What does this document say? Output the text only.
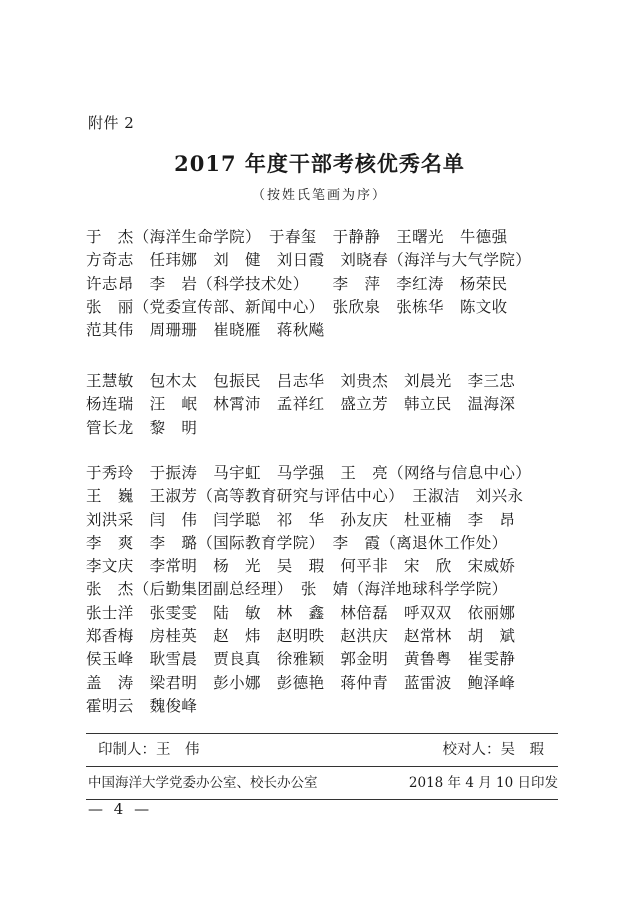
附件 2
2017 年度干部考核优秀名单
（按姓氏笔画为序）
于　杰（海洋生命学院）　于春玺　于静静　王曙光　牛德强
方奇志　任玮娜　刘　健　刘日霞　刘晓春（海洋与大气学院）
许志昂　李　岩（科学技术处）　　李　萍　李红涛　杨荣民
张　丽（党委宣传部、新闻中心）　张欣泉　张栋华　陈文收
范其伟　周珊珊　崔晓雁　蒋秋飚
王慧敏　包木太　包振民　吕志华　刘贵杰　刘晨光　李三忠
杨连瑞　汪　岷　林霄沛　孟祥红　盛立芳　韩立民　温海深
管长龙　黎　明
于秀玲　于振涛　马宇虹　马学强　王　亮（网络与信息中心）
王　巍　王淑芳（高等教育研究与评估中心）　王淑洁　刘兴永
刘洪采　闫　伟　闫学聪　祁　华　孙友庆　杜亚楠　李　昂
李　爽　李　璐（国际教育学院）　李　霞（离退休工作处）
李文庆　李常明　杨　光　吴　瑕　何平非　宋　欣　宋威娇
张　杰（后勤集团副总经理）　张　婧（海洋地球科学学院）
张士洋　张雯雯　陆　敏　林　鑫　林倍磊　呼双双　依丽娜
郑香梅　房桂英　赵　炜　赵明昳　赵洪庆　赵常林　胡　斌
侯玉峰　耿雪晨　贾良真　徐雅颖　郭金明　黄鲁粤　崔雯静
盖　涛　梁君明　彭小娜　彭德艳　蒋仲青　蓝雷波　鲍泽峰
霍明云　魏俊峰
印制人：王　伟	校对人：吴　瑕
中国海洋大学党委办公室、校长办公室	2018 年 4 月 10 日印发
— 4 —
